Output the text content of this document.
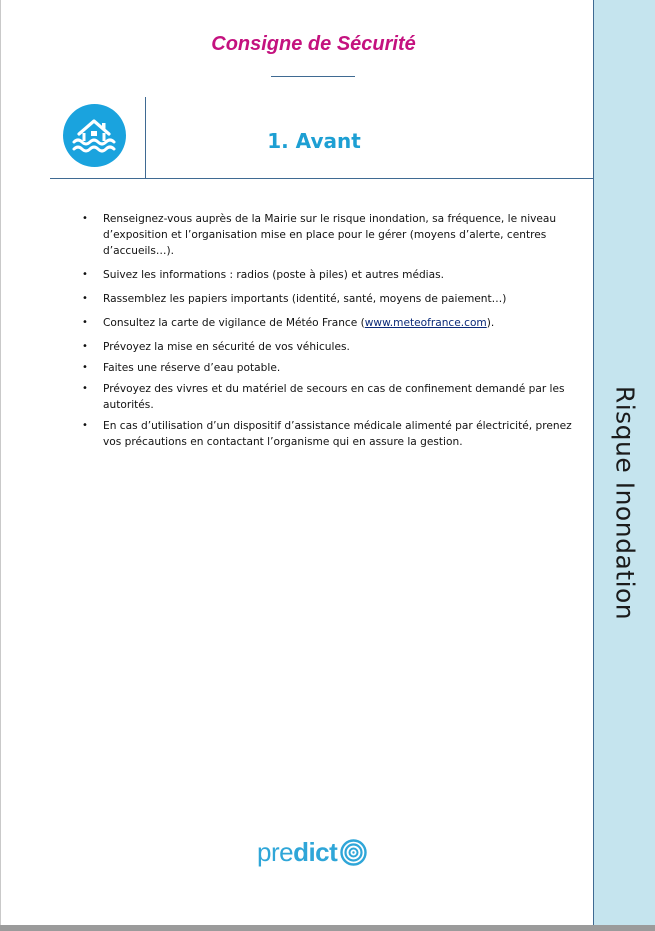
Risque Inondation
Consigne de Sécurité
1. Avant
• Renseignez-vous auprès de la Mairie sur le risque inondation, sa fréquence, le niveau d’exposition et l’organisation mise en place pour le gérer (moyens d’alerte, centres d’accueils…).
• Suivez les informations : radios (poste à piles) et autres médias.
• Rassemblez les papiers importants (identité, santé, moyens de paiement…)
• Consultez la carte de vigilance de Météo France (www.meteofrance.com).
• Prévoyez la mise en sécurité de vos véhicules.
• Faites une réserve d’eau potable.
• Prévoyez des vivres et du matériel de secours en cas de confinement demandé par les autorités.
• En cas d’utilisation d’un dispositif d’assistance médicale alimenté par électricité, prenez vos précautions en contactant l’organisme qui en assure la gestion.
pre dict
